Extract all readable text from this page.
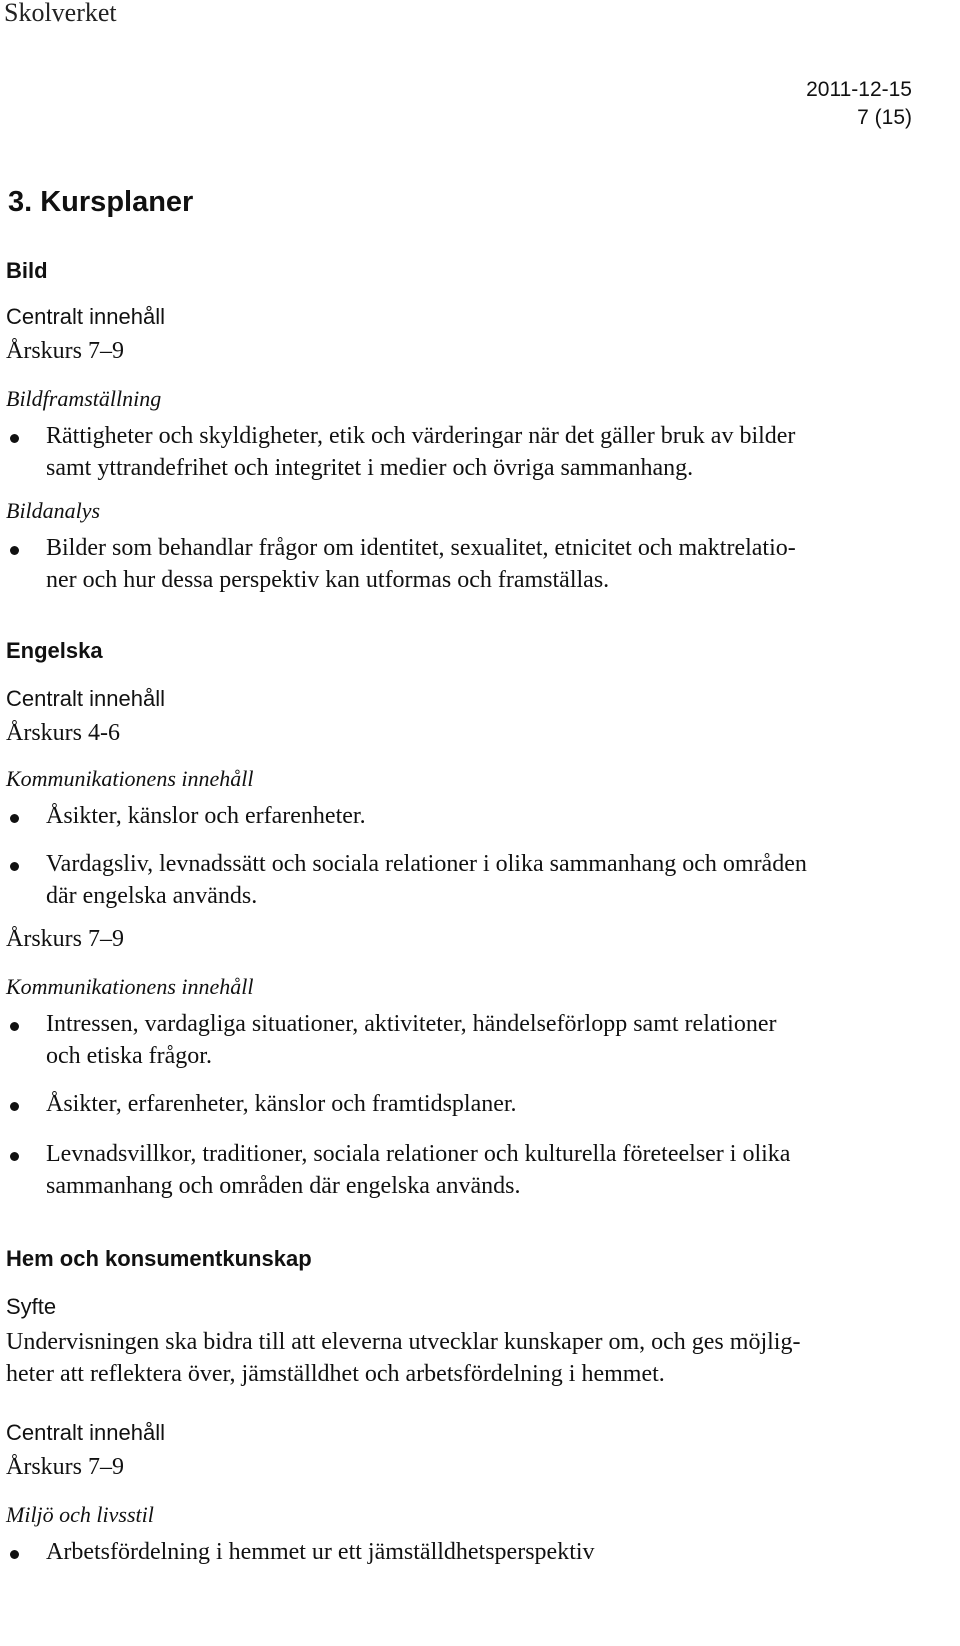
Skolverket
2011-12-15
7 (15)
3. Kursplaner
Bild
Centralt innehåll
Årskurs 7–9
Bildframställning
Rättigheter och skyldigheter, etik och värderingar när det gäller bruk av bilder
samt yttrandefrihet och integritet i medier och övriga sammanhang.
Bildanalys
Bilder som behandlar frågor om identitet, sexualitet, etnicitet och maktrelatio-
ner och hur dessa perspektiv kan utformas och framställas.
Engelska
Centralt innehåll
Årskurs 4-6
Kommunikationens innehåll
Åsikter, känslor och erfarenheter.
Vardagsliv, levnadssätt och sociala relationer i olika sammanhang och områden
där engelska används.
Årskurs 7–9
Kommunikationens innehåll
Intressen, vardagliga situationer, aktiviteter, händelseförlopp samt relationer
och etiska frågor.
Åsikter, erfarenheter, känslor och framtidsplaner.
Levnadsvillkor, traditioner, sociala relationer och kulturella företeelser i olika
sammanhang och områden där engelska används.
Hem och konsumentkunskap
Syfte
Undervisningen ska bidra till att eleverna utvecklar kunskaper om, och ges möjlig-
heter att reflektera över, jämställdhet och arbetsfördelning i hemmet.
Centralt innehåll
Årskurs 7–9
Miljö och livsstil
Arbetsfördelning i hemmet ur ett jämställdhetsperspektiv
